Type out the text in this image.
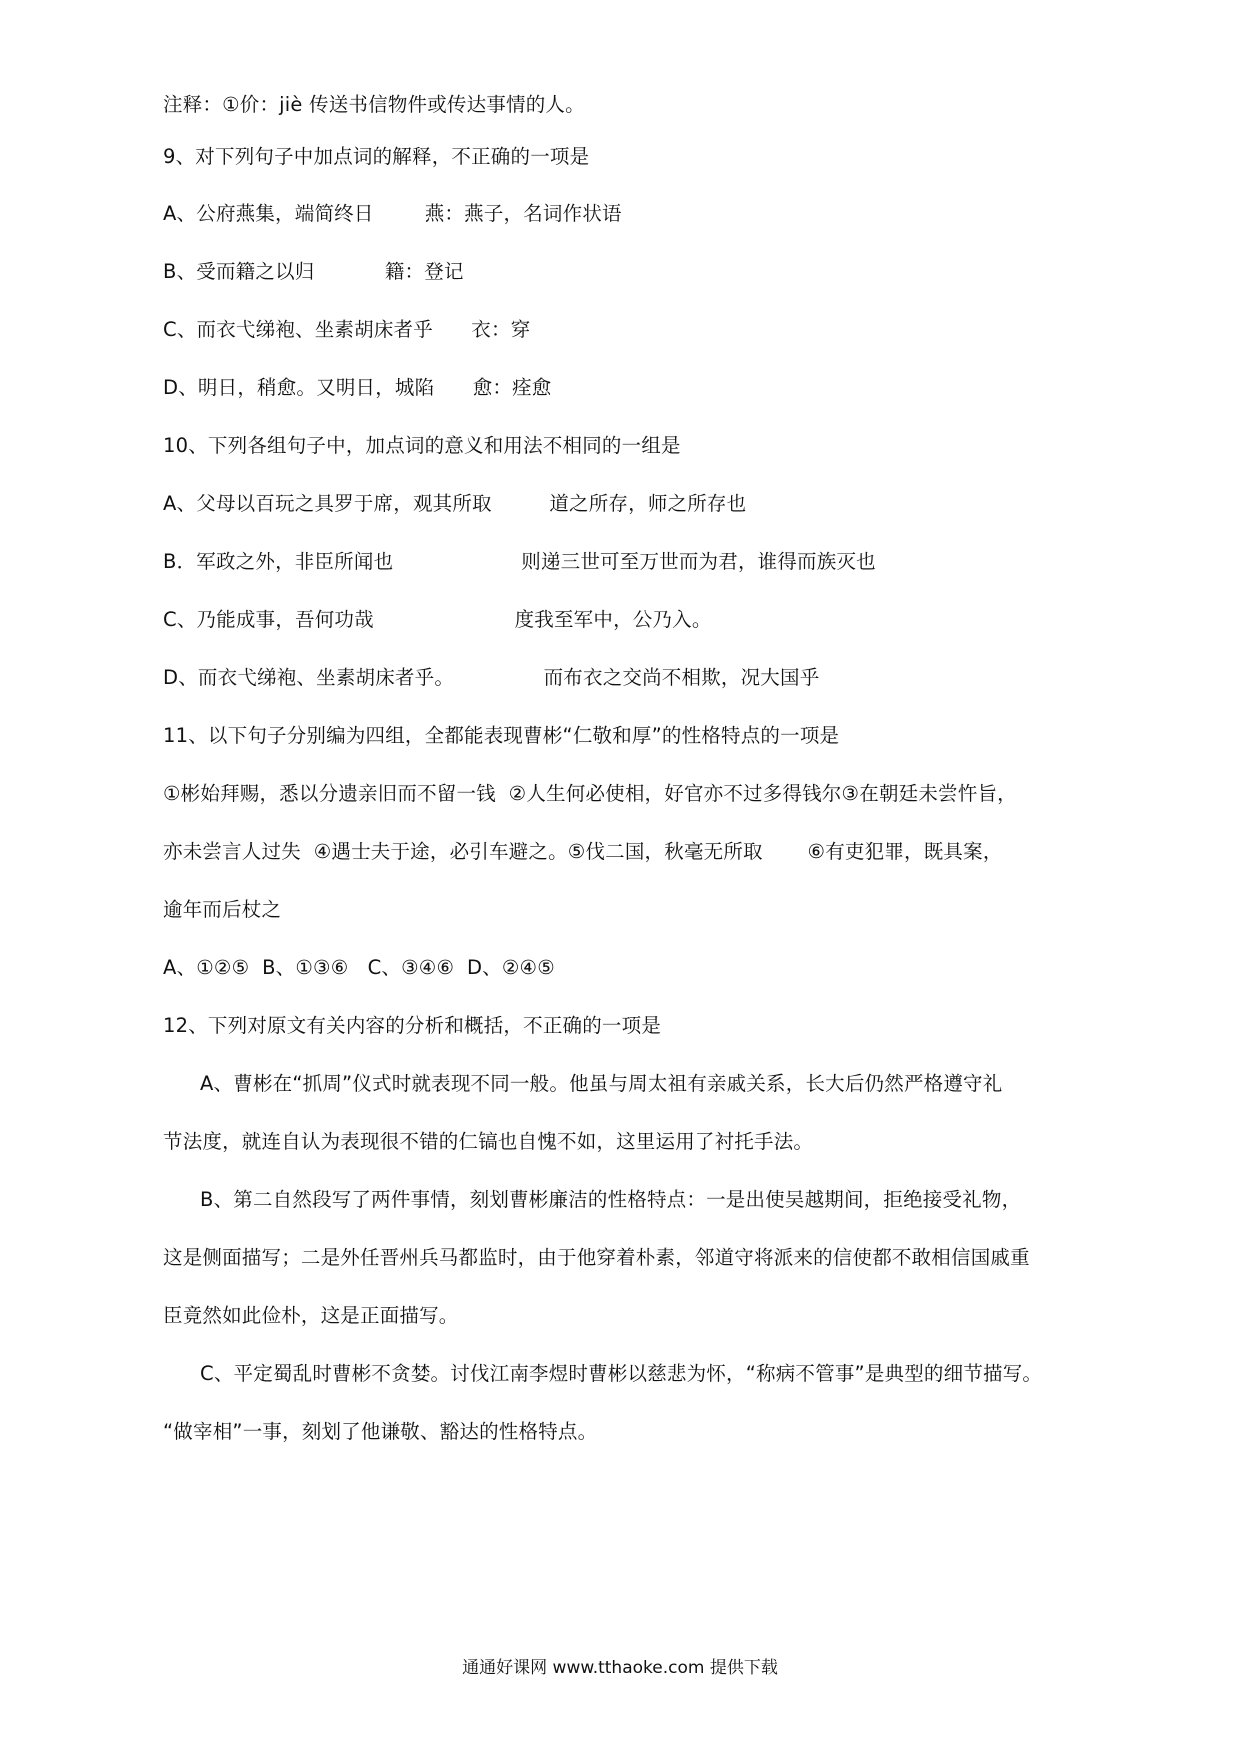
注释：①价：jiè 传送书信物件或传达事情的人。
9、对下列句子中加点词的解释，不正确的一项是
A、公府燕集，端简终日        燕：燕子，名词作状语
B、受而籍之以归           籍：登记
C、而衣弋绨袍、坐素胡床者乎      衣：穿
D、明日，稍愈。又明日，城陷      愈：痊愈
10、下列各组句子中，加点词的意义和用法不相同的一组是
A、父母以百玩之具罗于席，观其所取         道之所存，师之所存也
B．军政之外，非臣所闻也                    则递三世可至万世而为君，谁得而族灭也
C、乃能成事，吾何功哉                      度我至军中，公乃入。
D、而衣弋绨袍、坐素胡床者乎。              而布衣之交尚不相欺，况大国乎
11、以下句子分别编为四组，全都能表现曹彬“仁敬和厚”的性格特点的一项是
①彬始拜赐，悉以分遗亲旧而不留一钱  ②人生何必使相，好官亦不过多得钱尔③在朝廷未尝忤旨，
亦未尝言人过失  ④遇士夫于途，必引车避之。⑤伐二国，秋毫无所取       ⑥有吏犯罪，既具案，
逾年而后杖之
A、①②⑤  B、①③⑥   C、③④⑥  D、②④⑤
12、下列对原文有关内容的分析和概括，不正确的一项是
A、曹彬在“抓周”仪式时就表现不同一般。他虽与周太祖有亲戚关系，长大后仍然严格遵守礼
节法度，就连自认为表现很不错的仁镐也自愧不如，这里运用了衬托手法。
B、第二自然段写了两件事情，刻划曹彬廉洁的性格特点：一是出使吴越期间，拒绝接受礼物，
这是侧面描写；二是外任晋州兵马都监时，由于他穿着朴素，邻道守将派来的信使都不敢相信国戚重
臣竟然如此俭朴，这是正面描写。
C、平定蜀乱时曹彬不贪婪。讨伐江南李煜时曹彬以慈悲为怀，“称病不管事”是典型的细节描写。
“做宰相”一事，刻划了他谦敬、豁达的性格特点。
通通好课网 www.tthaoke.com 提供下载
